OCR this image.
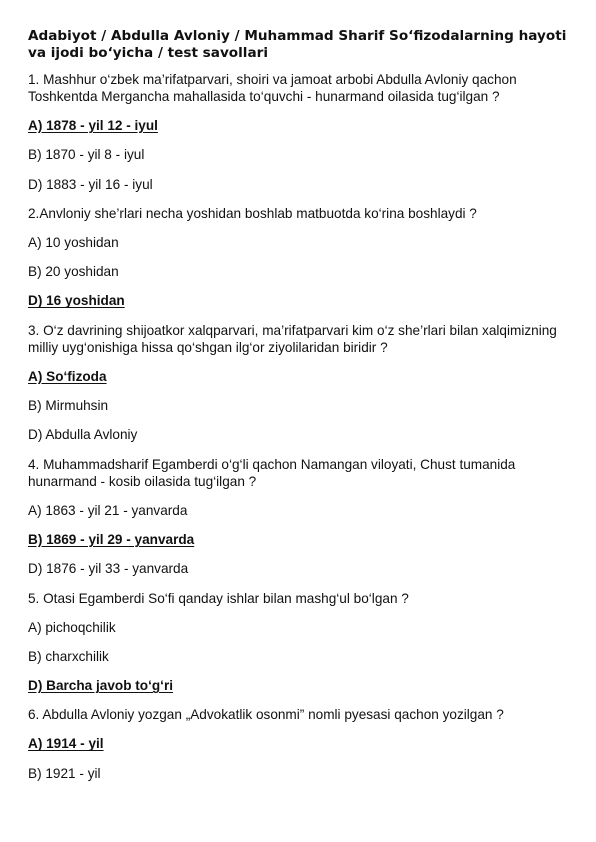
Adabiyot / Abdulla Avloniy / Muhammad Sharif So‘fizodalarning hayoti va ijodi bo‘yicha / test savollari
1. Mashhur o‘zbek ma’rifatparvari, shoiri va jamoat arbobi Abdulla Avloniy qachon Toshkentda Mergancha mahallasida to‘quvchi - hunarmand oilasida tug‘ilgan ?
A) 1878 - yil 12 - iyul
B) 1870 - yil 8 - iyul
D) 1883 - yil 16 - iyul
2.Anvloniy she’rlari necha yoshidan boshlab matbuotda ko‘rina boshlaydi ?
A) 10 yoshidan
B) 20 yoshidan
D) 16 yoshidan
3. O‘z davrining shijoatkor xalqparvari, ma’rifatparvari kim o‘z she’rlari bilan xalqimizning milliy uyg‘onishiga hissa qo‘shgan ilg‘or ziyolilaridan biridir ?
A) So‘fizoda
B) Mirmuhsin
D) Abdulla Avloniy
4. Muhammadsharif Egamberdi o‘g‘li qachon Namangan viloyati, Chust tumanida hunarmand - kosib oilasida tug‘ilgan ?
A) 1863 - yil 21 - yanvarda
B) 1869 - yil 29 - yanvarda
D) 1876 - yil 33 - yanvarda
5. Otasi Egamberdi So‘fi qanday ishlar bilan mashg‘ul bo‘lgan ?
A) pichoqchilik
B) charxchilik
D) Barcha javob to‘g‘ri
6. Abdulla Avloniy yozgan „Advokatlik osonmi” nomli pyesasi qachon yozilgan ?
A) 1914 - yil
B) 1921 - yil
